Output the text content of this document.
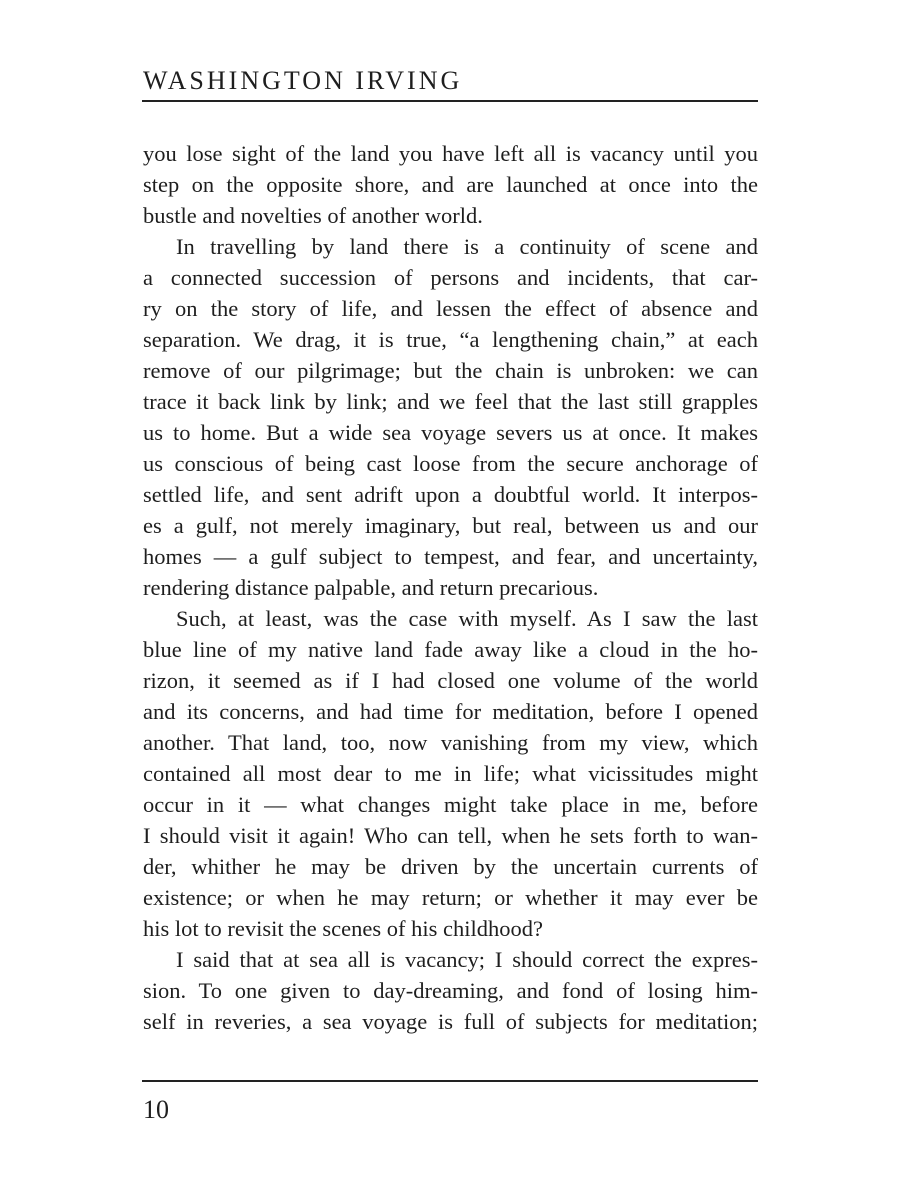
WASHINGTON IRVING
you lose sight of the land you have left all is vacancy until you
step on the opposite shore, and are launched at once into the
bustle and novelties of another world.
In travelling by land there is a continuity of scene and
a connected succession of persons and incidents, that car-
ry on the story of life, and lessen the effect of absence and
separation. We drag, it is true, “a lengthening chain,” at each
remove of our pilgrimage; but the chain is unbroken: we can
trace it back link by link; and we feel that the last still grapples
us to home. But a wide sea voyage severs us at once. It makes
us conscious of being cast loose from the secure anchorage of
settled life, and sent adrift upon a doubtful world. It interpos-
es a gulf, not merely imaginary, but real, between us and our
homes — a gulf subject to tempest, and fear, and uncertainty,
rendering distance palpable, and return precarious.
Such, at least, was the case with myself. As I saw the last
blue line of my native land fade away like a cloud in the ho-
rizon, it seemed as if I had closed one volume of the world
and its concerns, and had time for meditation, before I opened
another. That land, too, now vanishing from my view, which
contained all most dear to me in life; what vicissitudes might
occur in it — what changes might take place in me, before
I should visit it again! Who can tell, when he sets forth to wan-
der, whither he may be driven by the uncertain currents of
existence; or when he may return; or whether it may ever be
his lot to revisit the scenes of his childhood?
I said that at sea all is vacancy; I should correct the expres-
sion. To one given to day-dreaming, and fond of losing him-
self in reveries, a sea voyage is full of subjects for meditation;
10
